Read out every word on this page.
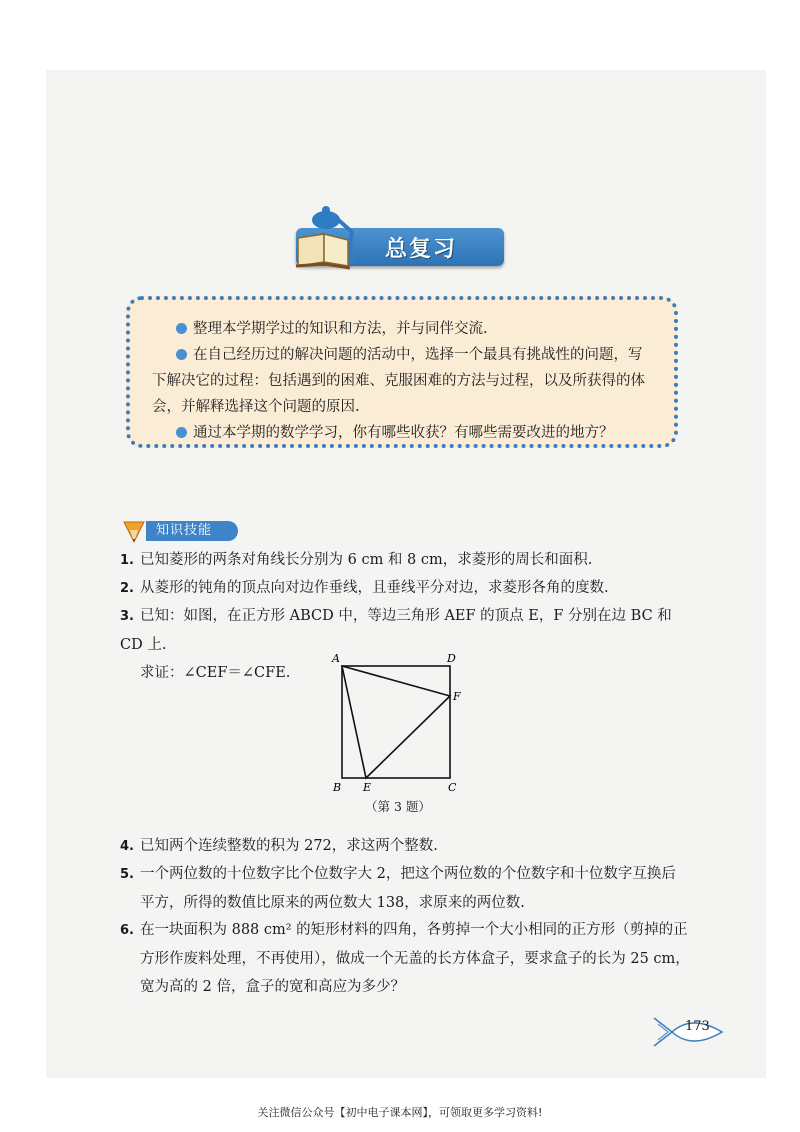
总复习

整理本学期学过的知识和方法，并与同伴交流.

在自己经历过的解决问题的活动中，选择一个最具有挑战性的问题，写下解决它的过程：包括遇到的困难、克服困难的方法与过程，以及所获得的体会，并解释选择这个问题的原因.

通过本学期的数学学习，你有哪些收获？有哪些需要改进的地方？

知识技能
1. 已知菱形的两条对角线长分别为 6 cm 和 8 cm，求菱形的周长和面积.
2. 从菱形的钝角的顶点向对边作垂线，且垂线平分对边，求菱形各角的度数.
3. 已知：如图，在正方形 ABCD 中，等边三角形 AEF 的顶点 E，F 分别在边 BC 和 CD 上.
求证：∠CEF＝∠CFE.
A	D
F
B E	C
（第 3 题）
4. 已知两个连续整数的积为 272，求这两个整数.
5. 一个两位数的十位数字比个位数字大 2，把这个两位数的个位数字和十位数字互换后
平方，所得的数值比原来的两位数大 138，求原来的两位数.
6. 在一块面积为 888 cm² 的矩形材料的四角，各剪掉一个大小相同的正方形（剪掉的正
方形作废料处理，不再使用），做成一个无盖的长方体盒子，要求盒子的长为 25 cm，
宽为高的 2 倍，盒子的宽和高应为多少？
173
关注微信公众号【初中电子课本网】，可领取更多学习资料!
